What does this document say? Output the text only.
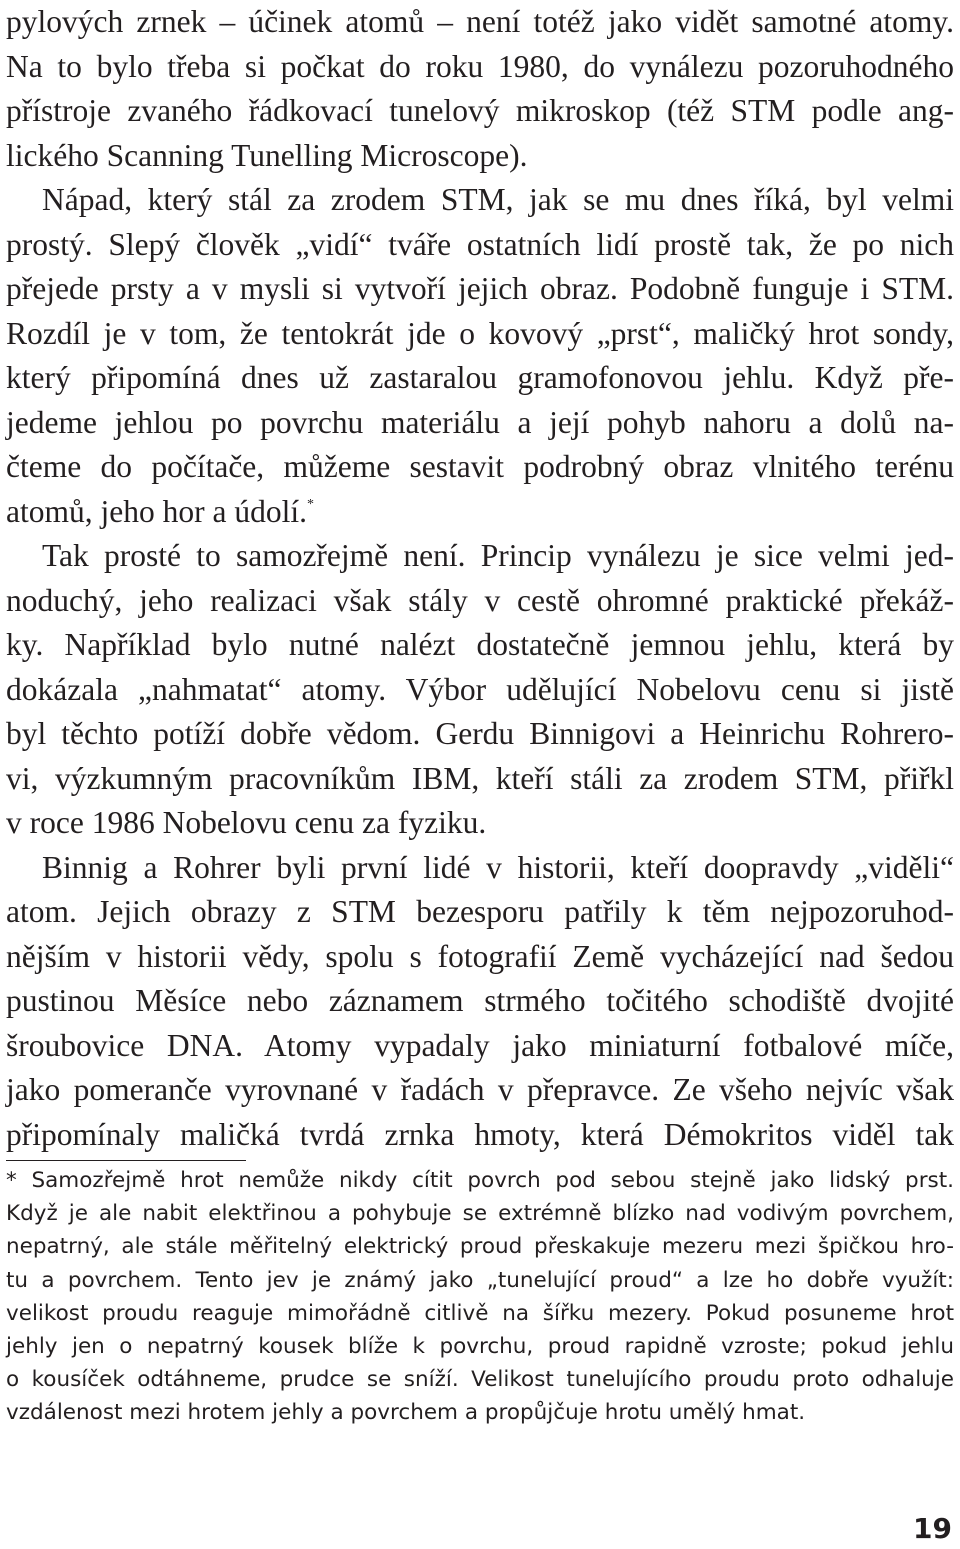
pylových zrnek – účinek atomů – není totéž jako vidět samotné atomy.
Na to bylo třeba si počkat do roku 1980, do vynálezu pozoruhodného
přístroje zvaného řádkovací tunelový mikroskop (též STM podle ang-
lického Scanning Tunelling Microscope).
Nápad, který stál za zrodem STM, jak se mu dnes říká, byl velmi
prostý. Slepý člověk „vidí“ tváře ostatních lidí prostě tak, že po nich
přejede prsty a v mysli si vytvoří jejich obraz. Podobně funguje i STM.
Rozdíl je v tom, že tentokrát jde o kovový „prst“, maličký hrot sondy,
který připomíná dnes už zastaralou gramofonovou jehlu. Když pře-
jedeme jehlou po povrchu materiálu a její pohyb nahoru a dolů na-
čteme do počítače, můžeme sestavit podrobný obraz vlnitého terénu
atomů, jeho hor a údolí.*
Tak prosté to samozřejmě není. Princip vynálezu je sice velmi jed-
noduchý, jeho realizaci však stály v cestě ohromné praktické překáž-
ky. Například bylo nutné nalézt dostatečně jemnou jehlu, která by
dokázala „nahmatat“ atomy. Výbor udělující Nobelovu cenu si jistě
byl těchto potíží dobře vědom. Gerdu Binnigovi a Heinrichu Rohrero-
vi, výzkumným pracovníkům IBM, kteří stáli za zrodem STM, přiřkl
v roce 1986 Nobelovu cenu za fyziku.
Binnig a Rohrer byli první lidé v historii, kteří doopravdy „viděli“
atom. Jejich obrazy z STM bezesporu patřily k těm nejpozoruhod-
nějším v historii vědy, spolu s fotografií Země vycházející nad šedou
pustinou Měsíce nebo záznamem strmého točitého schodiště dvojité
šroubovice DNA. Atomy vypadaly jako miniaturní fotbalové míče,
jako pomeranče vyrovnané v řadách v přepravce. Ze všeho nejvíc však
připomínaly maličká tvrdá zrnka hmoty, která Démokritos viděl tak
* Samozřejmě hrot nemůže nikdy cítit povrch pod sebou stejně jako lidský prst.
Když je ale nabit elektřinou a pohybuje se extrémně blízko nad vodivým povrchem,
nepatrný, ale stále měřitelný elektrický proud přeskakuje mezeru mezi špičkou hro-
tu a povrchem. Tento jev je známý jako „tunelující proud“ a lze ho dobře využít:
velikost proudu reaguje mimořádně citlivě na šířku mezery. Pokud posuneme hrot
jehly jen o nepatrný kousek blíže k povrchu, proud rapidně vzroste; pokud jehlu
o kousíček odtáhneme, prudce se sníží. Velikost tunelujícího proudu proto odhaluje
vzdálenost mezi hrotem jehly a povrchem a propůjčuje hrotu umělý hmat.
19
